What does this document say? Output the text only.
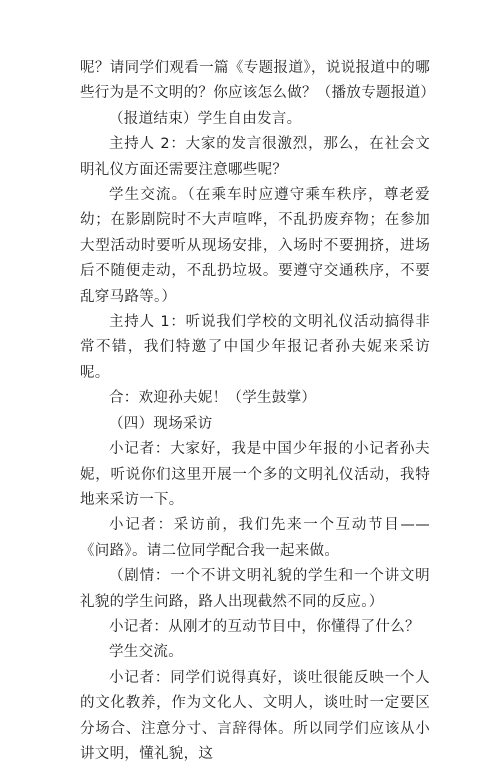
呢？请同学们观看一篇《专题报道》，说说报道中的哪些行为是不文明的？你应该怎么做？（播放专题报道）

（报道结束）学生自由发言。

主持人 2：大家的发言很激烈，那么，在社会文明礼仪方面还需要注意哪些呢？

学生交流。（在乘车时应遵守乘车秩序，尊老爱幼；在影剧院时不大声喧哗，不乱扔废弃物；在参加大型活动时要听从现场安排，入场时不要拥挤，进场后不随便走动，不乱扔垃圾。要遵守交通秩序，不要乱穿马路等。）

主持人 1：听说我们学校的文明礼仪活动搞得非常不错，我们特邀了中国少年报记者孙夫妮来采访呢。

合：欢迎孙夫妮！（学生鼓掌）

（四）现场采访

小记者：大家好，我是中国少年报的小记者孙夫妮，听说你们这里开展一个多的文明礼仪活动，我特地来采访一下。

小记者：采访前，我们先来一个互动节目——《问路》。请二位同学配合我一起来做。

（剧情：一个不讲文明礼貌的学生和一个讲文明礼貌的学生问路，路人出现截然不同的反应。）

小记者：从刚才的互动节目中，你懂得了什么？

学生交流。

小记者：同学们说得真好，谈吐很能反映一个人的文化教养，作为文化人、文明人，谈吐时一定要区分场合、注意分寸、言辞得体。所以同学们应该从小讲文明，懂礼貌，这
